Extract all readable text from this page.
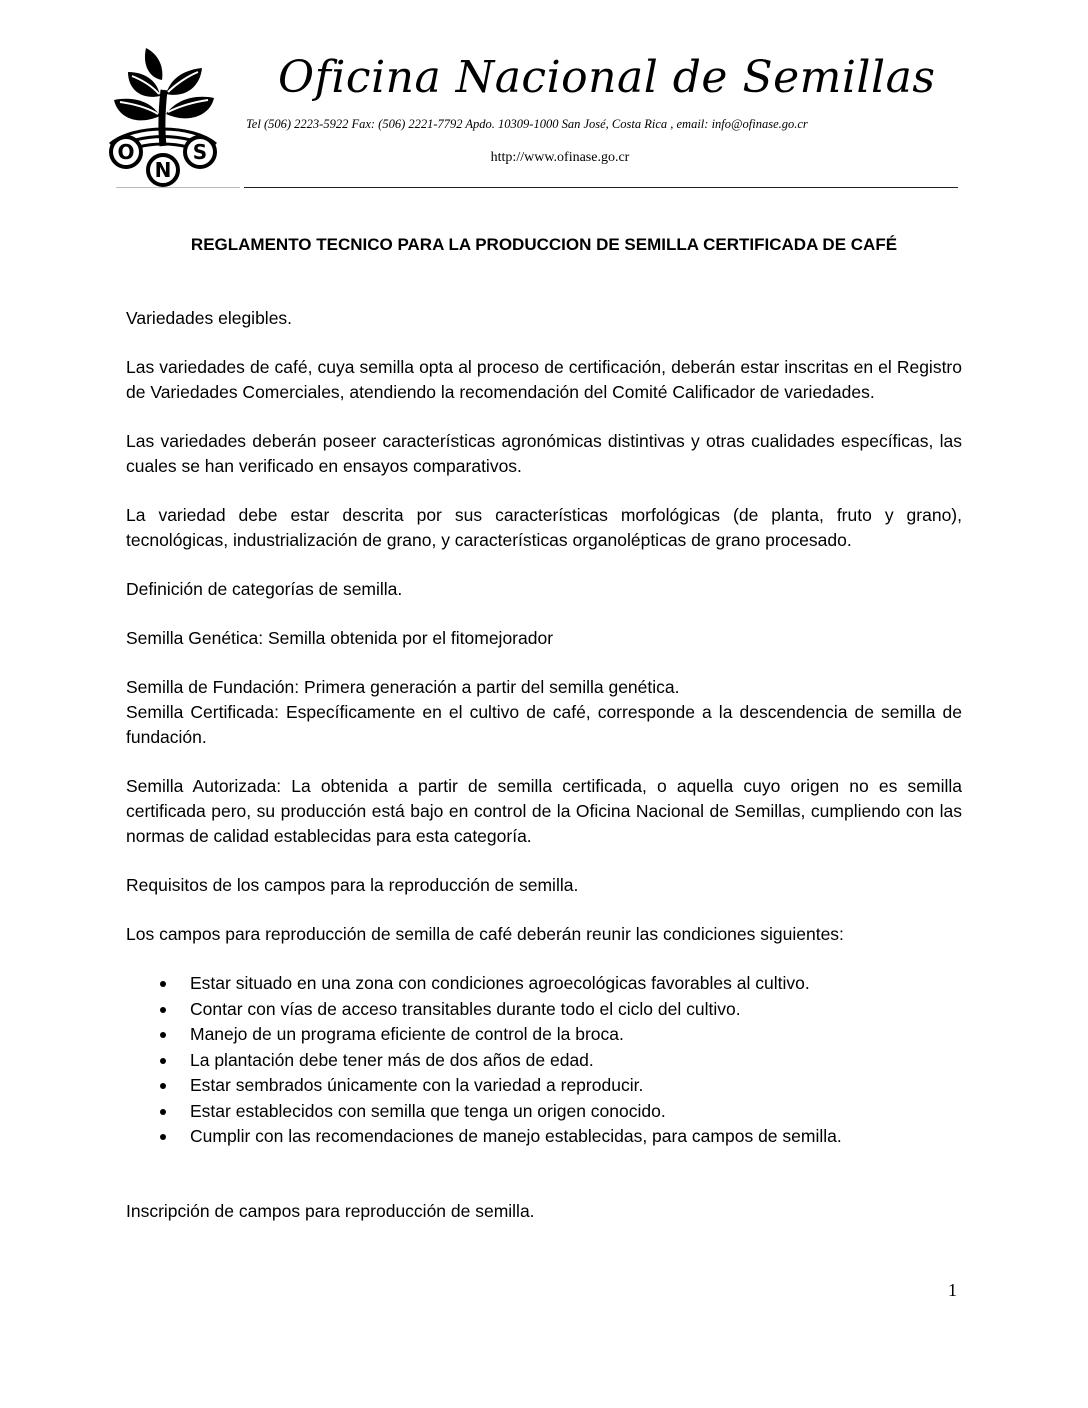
O
N
S
Oficina Nacional de Semillas
Tel (506) 2223-5922 Fax: (506) 2221-7792 Apdo. 10309-1000 San José, Costa Rica , email: info@ofinase.go.cr
http://www.ofinase.go.cr
REGLAMENTO TECNICO PARA LA PRODUCCION DE SEMILLA CERTIFICADA DE CAFÉ

Variedades elegibles.

Las variedades de café, cuya semilla opta al proceso de certificación, deberán estar inscritas en el Registro de Variedades Comerciales, atendiendo la recomendación del Comité Calificador de variedades.

Las variedades deberán poseer características agronómicas distintivas y otras cualidades específicas, las cuales se han verificado en ensayos comparativos.

La variedad debe estar descrita por sus características morfológicas (de planta, fruto y grano), tecnológicas, industrialización de grano, y características organolépticas de grano procesado.

Definición de categorías de semilla.

Semilla Genética: Semilla obtenida por el fitomejorador

Semilla de Fundación: Primera generación a partir del semilla genética.

Semilla Certificada: Específicamente en el cultivo de café, corresponde a la descendencia de semilla de fundación.

Semilla Autorizada: La obtenida a partir de semilla certificada, o aquella cuyo origen no es semilla certificada pero, su producción está bajo en control de la Oficina Nacional de Semillas, cumpliendo con las normas de calidad establecidas para esta categoría.

Requisitos de los campos para la reproducción de semilla.

Los campos para reproducción de semilla de café deberán reunir las condiciones siguientes:

Estar situado en una zona con condiciones agroecológicas favorables al cultivo.
Contar con vías de acceso transitables durante todo el ciclo del cultivo.
Manejo de un programa eficiente de control de la broca.
La plantación debe tener más de dos años de edad.
Estar sembrados únicamente con la variedad a reproducir.
Estar establecidos con semilla que tenga un origen conocido.
Cumplir con las recomendaciones de manejo establecidas, para campos de semilla.

Inscripción de campos para reproducción de semilla.

1
